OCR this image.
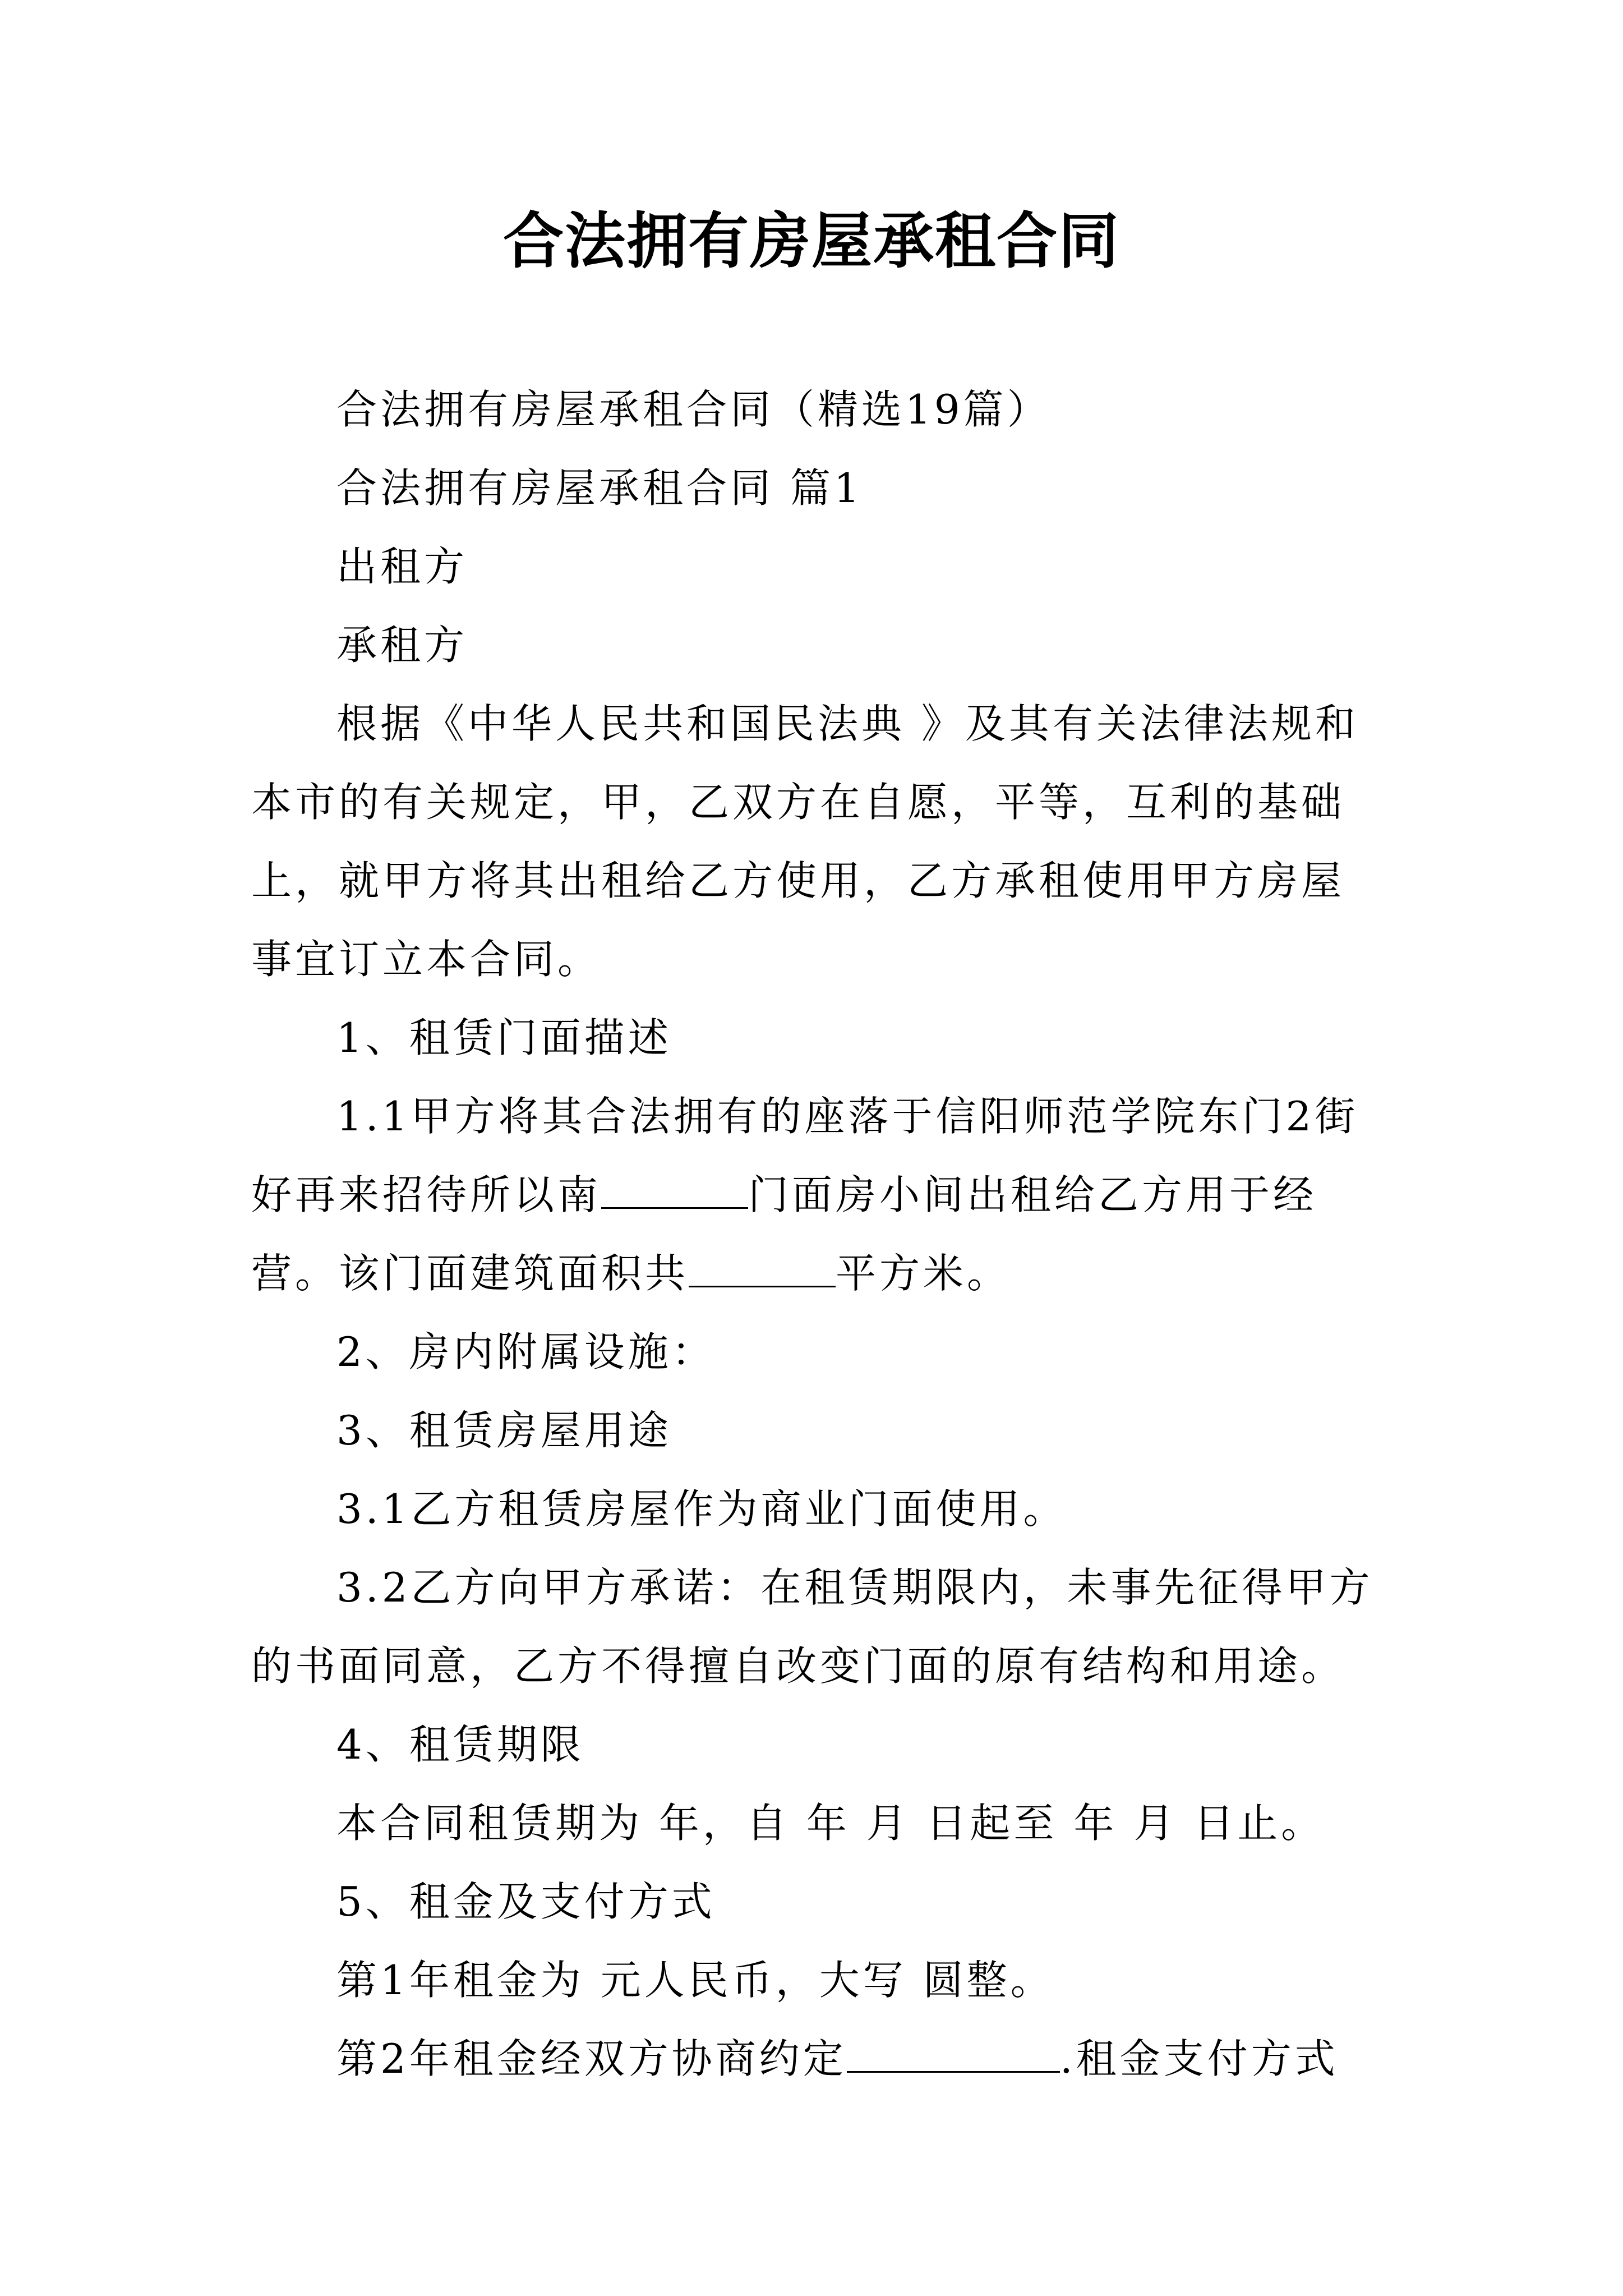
合法拥有房屋承租合同

合法拥有房屋承租合同（精选19篇）

合法拥有房屋承租合同 篇1

出租方

承租方

根据《中华人民共和国民法典 》及其有关法律法规和本市的有关规定，甲，乙双方在自愿，平等，互利的基础上，就甲方将其出租给乙方使用，乙方承租使用甲方房屋事宜订立本合同。

1、租赁门面描述

1.1甲方将其合法拥有的座落于信阳师范学院东门2街好再来招待所以南	门面房小间出租给乙方用于经营。该门面建筑面积共	平方米。

2、房内附属设施：

3、租赁房屋用途

3.1乙方租赁房屋作为商业门面使用。

3.2乙方向甲方承诺：在租赁期限内，未事先征得甲方的书面同意，乙方不得擅自改变门面的原有结构和用途。

4、租赁期限

本合同租赁期为 年，自 年 月 日起至 年 月 日止。

5、租金及支付方式

第1年租金为 元人民币，大写 圆整。

第2年租金经双方协商约定	.租金支付方式
